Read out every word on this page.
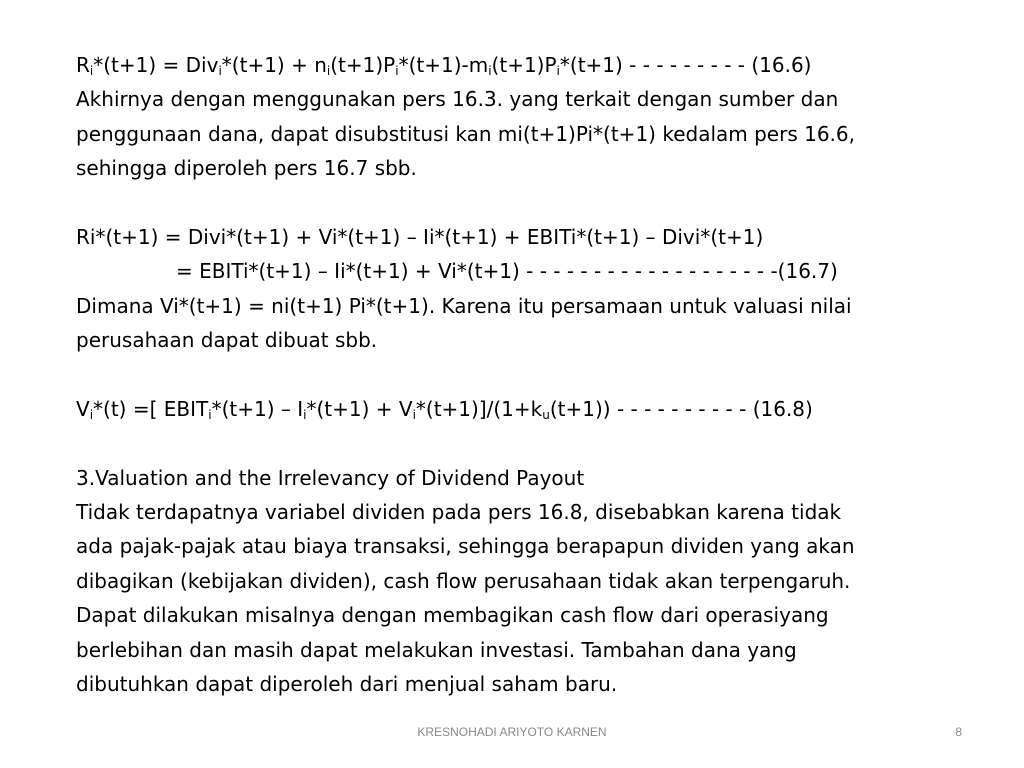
$R_i*(t+1) = Div_i*(t+1) + n_i(t+1)P_i*(t+1)-m_i(t+1)P_i*(t+1)$ - - - - - - - - - (16.6)
Akhirnya dengan menggunakan pers 16.3. yang terkait dengan sumber dan
penggunaan dana, dapat disubstitusi kan mi(t+1)Pi*(t+1) kedalam pers 16.6,
sehingga diperoleh pers 16.7 sbb.
Ri*(t+1) = Divi*(t+1) + Vi*(t+1) – Ii*(t+1) + EBITi*(t+1) – Divi*(t+1)
= EBITi*(t+1) – Ii*(t+1) + Vi*(t+1) - - - - - - - - - - - - - - - - - - -(16.7)
Dimana Vi*(t+1) = ni(t+1) Pi*(t+1). Karena itu persamaan untuk valuasi nilai
perusahaan dapat dibuat sbb.
$V_i*(t)$ =[ $EBIT_i*(t+1) - I_i*(t+1) + V_i*(t+1)]/(1+k_u(t+1))$ - - - - - - - - - - (16.8)
3.Valuation and the Irrelevancy of Dividend Payout
Tidak terdapatnya variabel dividen pada pers 16.8, disebabkan karena tidak
ada pajak-pajak atau biaya transaksi, sehingga berapapun dividen yang akan
dibagikan (kebijakan dividen), cash flow perusahaan tidak akan terpengaruh.
Dapat dilakukan misalnya dengan membagikan cash flow dari operasiyang
berlebihan dan masih dapat melakukan investasi. Tambahan dana yang
dibutuhkan dapat diperoleh dari menjual saham baru.
KRESNOHADI ARIYOTO KARNEN	8
